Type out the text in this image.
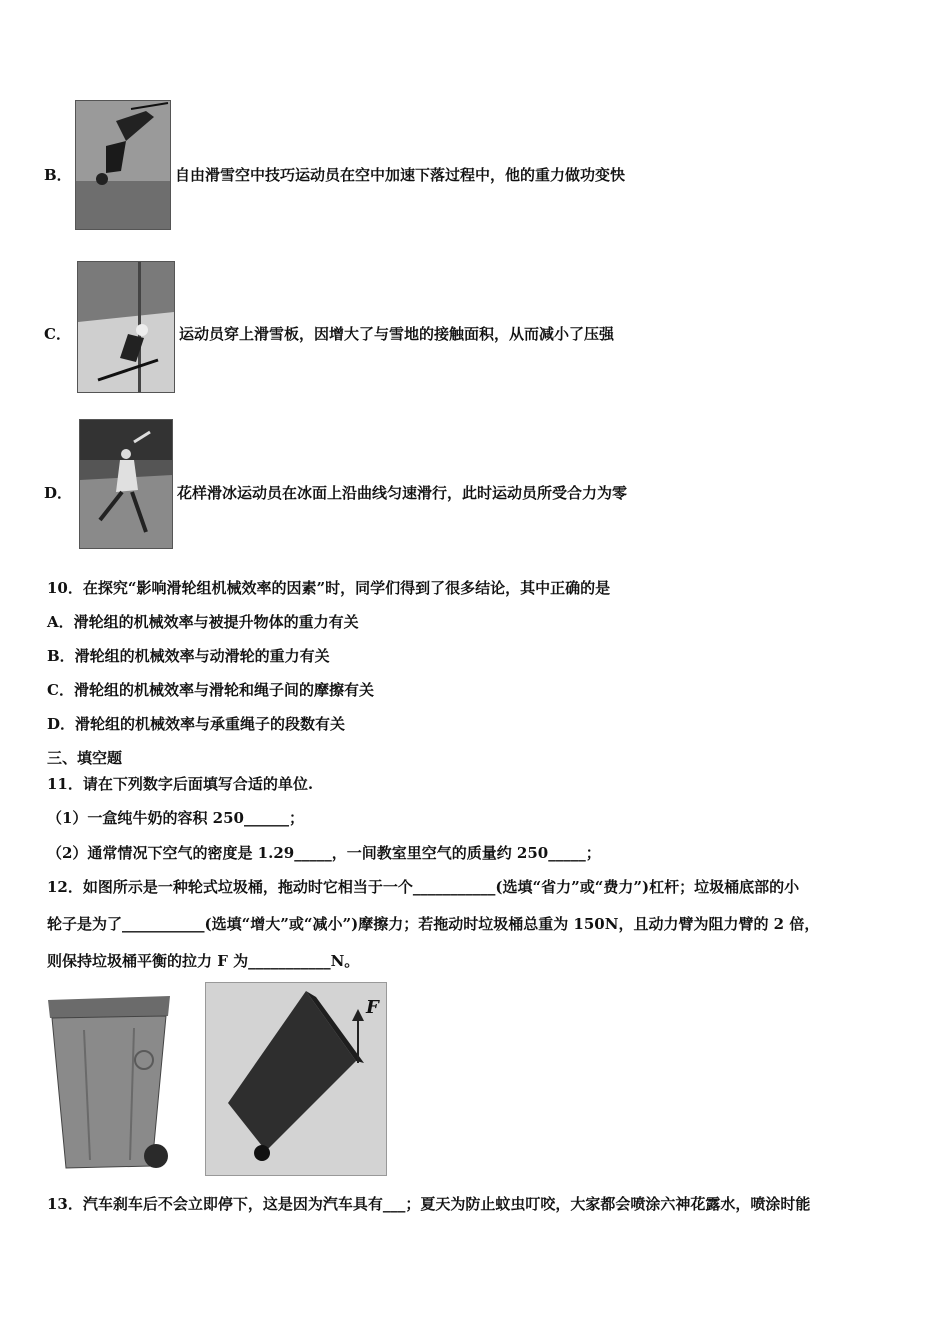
B．	自由滑雪空中技巧运动员在空中加速下落过程中，他的重力做功变快
C．	运动员穿上滑雪板，因增大了与雪地的接触面积，从而减小了压强
D．	花样滑冰运动员在冰面上沿曲线匀速滑行，此时运动员所受合力为零
10．在探究“影响滑轮组机械效率的因素”时，同学们得到了很多结论，其中正确的是
A．滑轮组的机械效率与被提升物体的重力有关
B．滑轮组的机械效率与动滑轮的重力有关
C．滑轮组的机械效率与滑轮和绳子间的摩擦有关
D．滑轮组的机械效率与承重绳子的段数有关
三、填空题
11．请在下列数字后面填写合适的单位.
（1）一盒纯牛奶的容积 250______；
（2）通常情况下空气的密度是 1.29_____，一间教室里空气的质量约 250_____；
12．如图所示是一种轮式垃圾桶，拖动时它相当于一个___________(选填“省力”或“费力”)杠杆；垃圾桶底部的小
轮子是为了___________(选填“增大”或“减小”)摩擦力；若拖动时垃圾桶总重为 150N，且动力臂为阻力臂的 2 倍，
则保持垃圾桶平衡的拉力 F 为___________N。
F
13．汽车刹车后不会立即停下，这是因为汽车具有___；夏天为防止蚊虫叮咬，大家都会喷涂六神花露水，喷涂时能
